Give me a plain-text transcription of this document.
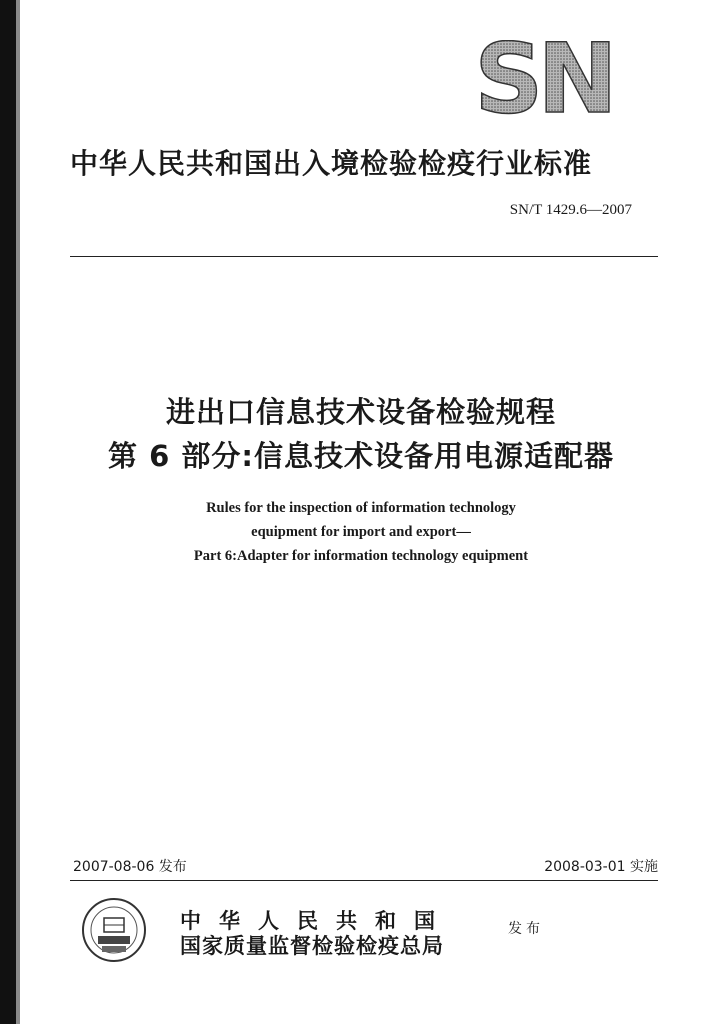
SN
中华人民共和国出入境检验检疫行业标准
SN/T 1429.6—2007
进出口信息技术设备检验规程
第 6 部分:信息技术设备用电源适配器
Rules for the inspection of information technology
equipment for import and export—
Part 6:Adapter for information technology equipment
2007-08-06 发布	2008-03-01 实施
中华人民共和国
国家质量监督检验检疫总局
发布
